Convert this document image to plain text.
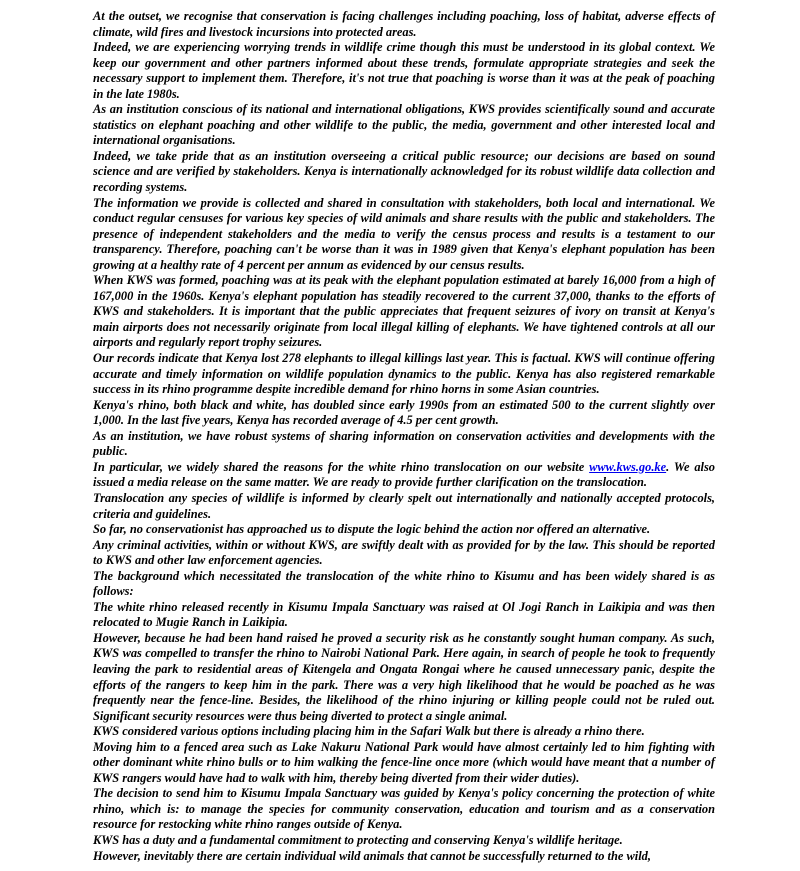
At the outset, we recognise that conservation is facing challenges including poaching, loss of habitat, adverse effects of climate, wild fires and livestock incursions into protected areas.

Indeed, we are experiencing worrying trends in wildlife crime though this must be understood in its global context. We keep our government and other partners informed about these trends, formulate appropriate strategies and seek the necessary support to implement them. Therefore, it's not true that poaching is worse than it was at the peak of poaching in the late 1980s.

As an institution conscious of its national and international obligations, KWS provides scientifically sound and accurate statistics on elephant poaching and other wildlife to the public, the media, government and other interested local and international organisations.

Indeed, we take pride that as an institution overseeing a critical public resource; our decisions are based on sound science and are verified by stakeholders. Kenya is internationally acknowledged for its robust wildlife data collection and recording systems.

The information we provide is collected and shared in consultation with stakeholders, both local and international. We conduct regular censuses for various key species of wild animals and share results with the public and stakeholders. The presence of independent stakeholders and the media to verify the census process and results is a testament to our transparency. Therefore, poaching can't be worse than it was in 1989 given that Kenya's elephant population has been growing at a healthy rate of 4 percent per annum as evidenced by our census results.

When KWS was formed, poaching was at its peak with the elephant population estimated at barely 16,000 from a high of 167,000 in the 1960s. Kenya's elephant population has steadily recovered to the current 37,000, thanks to the efforts of KWS and stakeholders. It is important that the public appreciates that frequent seizures of ivory on transit at Kenya's main airports does not necessarily originate from local illegal killing of elephants. We have tightened controls at all our airports and regularly report trophy seizures.

Our records indicate that Kenya lost 278 elephants to illegal killings last year. This is factual. KWS will continue offering accurate and timely information on wildlife population dynamics to the public. Kenya has also registered remarkable success in its rhino programme despite incredible demand for rhino horns in some Asian countries.

Kenya's rhino, both black and white, has doubled since early 1990s from an estimated 500 to the current slightly over 1,000. In the last five years, Kenya has recorded average of 4.5 per cent growth.

As an institution, we have robust systems of sharing information on conservation activities and developments with the public.

In particular, we widely shared the reasons for the white rhino translocation on our website www.kws.go.ke. We also issued a media release on the same matter. We are ready to provide further clarification on the translocation.

Translocation any species of wildlife is informed by clearly spelt out internationally and nationally accepted protocols, criteria and guidelines.

So far, no conservationist has approached us to dispute the logic behind the action nor offered an alternative.

Any criminal activities, within or without KWS, are swiftly dealt with as provided for by the law. This should be reported to KWS and other law enforcement agencies.

The background which necessitated the translocation of the white rhino to Kisumu and has been widely shared is as follows:

The white rhino released recently in Kisumu Impala Sanctuary was raised at Ol Jogi Ranch in Laikipia and was then relocated to Mugie Ranch in Laikipia.

However, because he had been hand raised he proved a security risk as he constantly sought human company. As such, KWS was compelled to transfer the rhino to Nairobi National Park. Here again, in search of people he took to frequently leaving the park to residential areas of Kitengela and Ongata Rongai where he caused unnecessary panic, despite the efforts of the rangers to keep him in the park. There was a very high likelihood that he would be poached as he was frequently near the fence-line. Besides, the likelihood of the rhino injuring or killing people could not be ruled out. Significant security resources were thus being diverted to protect a single animal.

KWS considered various options including placing him in the Safari Walk but there is already a rhino there.

Moving him to a fenced area such as Lake Nakuru National Park would have almost certainly led to him fighting with other dominant white rhino bulls or to him walking the fence-line once more (which would have meant that a number of KWS rangers would have had to walk with him, thereby being diverted from their wider duties).

The decision to send him to Kisumu Impala Sanctuary was guided by Kenya's policy concerning the protection of white rhino, which is: to manage the species for community conservation, education and tourism and as a conservation resource for restocking white rhino ranges outside of Kenya.

KWS has a duty and a fundamental commitment to protecting and conserving Kenya's wildlife heritage.

However, inevitably there are certain individual wild animals that cannot be successfully returned to the wild,
